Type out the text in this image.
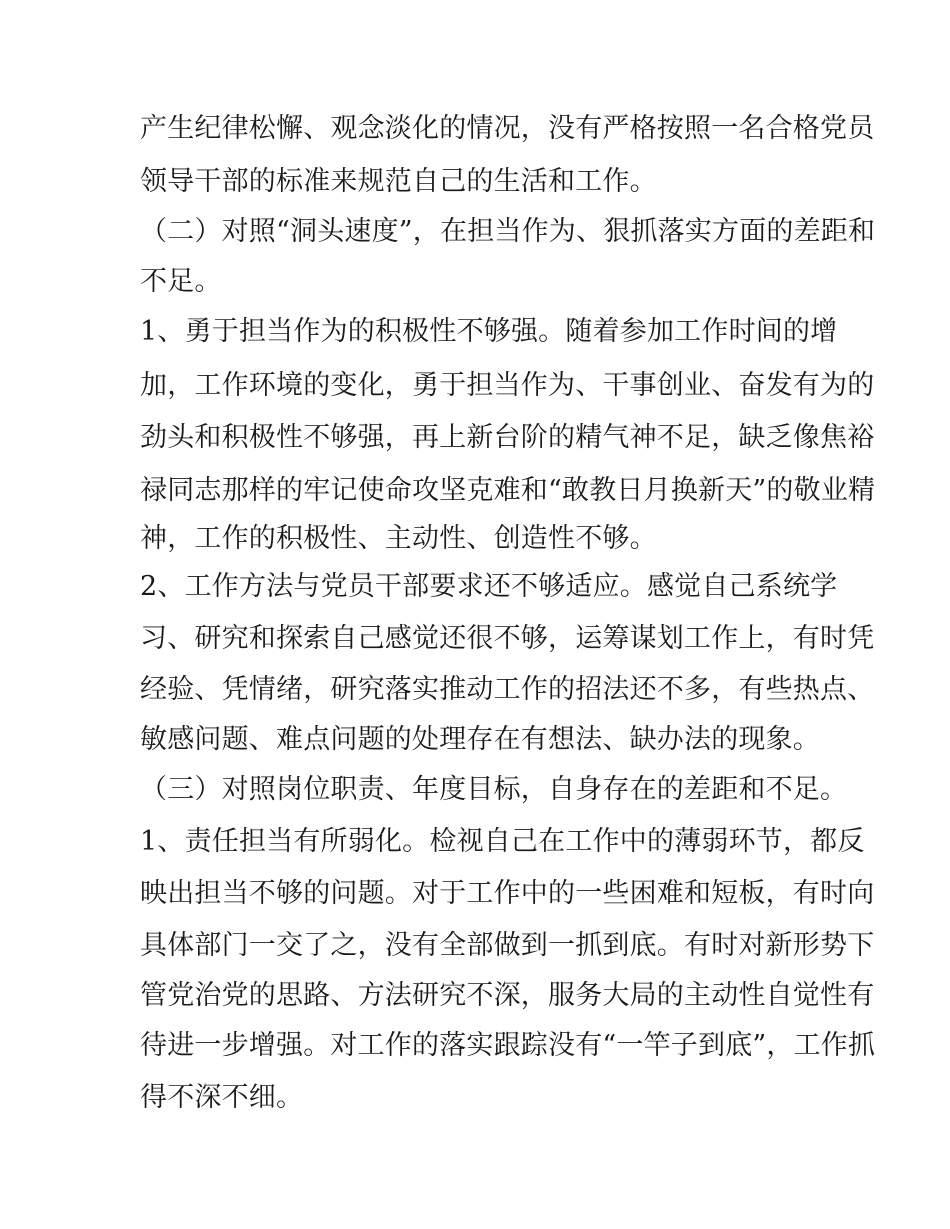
产生纪律松懈、观念淡化的情况，没有严格按照一名合格党员
领导干部的标准来规范自己的生活和工作。
（二）对照“洞头速度”，在担当作为、狠抓落实方面的差距和
不足。
1、勇于担当作为的积极性不够强。随着参加工作时间的增
加，工作环境的变化，勇于担当作为、干事创业、奋发有为的
劲头和积极性不够强，再上新台阶的精气神不足，缺乏像焦裕
禄同志那样的牢记使命攻坚克难和“敢教日月换新天”的敬业精
神，工作的积极性、主动性、创造性不够。
2、工作方法与党员干部要求还不够适应。感觉自己系统学
习、研究和探索自己感觉还很不够，运筹谋划工作上，有时凭
经验、凭情绪，研究落实推动工作的招法还不多，有些热点、
敏感问题、难点问题的处理存在有想法、缺办法的现象。
（三）对照岗位职责、年度目标，自身存在的差距和不足。
1、责任担当有所弱化。检视自己在工作中的薄弱环节，都反
映出担当不够的问题。对于工作中的一些困难和短板，有时向
具体部门一交了之，没有全部做到一抓到底。有时对新形势下
管党治党的思路、方法研究不深，服务大局的主动性自觉性有
待进一步增强。对工作的落实跟踪没有“一竿子到底”，工作抓
得不深不细。
